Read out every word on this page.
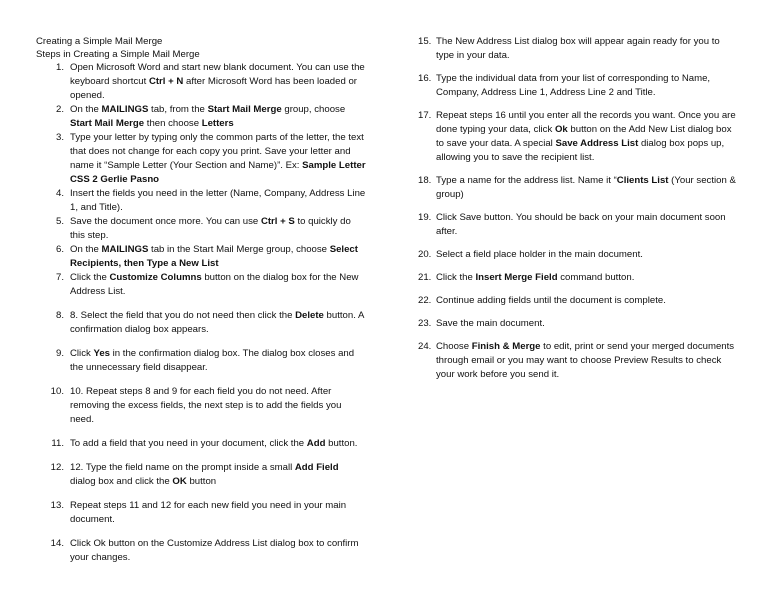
Creating a Simple Mail Merge

Steps in Creating a Simple Mail Merge

1. Open Microsoft Word and start new blank document. You can use the keyboard shortcut Ctrl + N after Microsoft Word has been loaded or opened.
2. On the MAILINGS tab, from the Start Mail Merge group, choose Start Mail Merge then choose Letters
3. Type your letter by typing only the common parts of the letter, the text that does not change for each copy you print. Save your letter and name it “Sample Letter (Your Section and Name)”. Ex: Sample Letter CSS 2 Gerlie Pasno
4. Insert the fields you need in the letter (Name, Company, Address Line 1, and Title).
5. Save the document once more. You can use Ctrl + S to quickly do this step.
6. On the MAILINGS tab in the Start Mail Merge group, choose Select Recipients, then Type a New List
7. Click the Customize Columns button on the dialog box for the New Address List.
8. 8. Select the field that you do not need then click the Delete button. A confirmation dialog box appears.
9. Click Yes in the confirmation dialog box. The dialog box closes and the unnecessary field disappear.
10. 10. Repeat steps 8 and 9 for each field you do not need. After removing the excess fields, the next step is to add the fields you need.
11. To add a field that you need in your document, click the Add button.
12. 12. Type the field name on the prompt inside a small Add Field dialog box and click the OK button
13. Repeat steps 11 and 12 for each new field you need in your main document.
14. Click Ok button on the Customize Address List dialog box to confirm your changes.
15. The New Address List dialog box will appear again ready for you to type in your data.
16. Type the individual data from your list of corresponding to Name, Company, Address Line 1, Address Line 2 and Title.
17. Repeat steps 16 until you enter all the records you want. Once you are done typing your data, click Ok button on the Add New List dialog box to save your data. A special Save Address List dialog box pops up, allowing you to save the recipient list.
18. Type a name for the address list. Name it “Clients List (Your section & group)
19. Click Save button. You should be back on your main document soon after.
20. Select a field place holder in the main document.
21. Click the Insert Merge Field command button.
22. Continue adding fields until the document is complete.
23. Save the main document.
24. Choose Finish & Merge to edit, print or send your merged documents through email or you may want to choose Preview Results to check your work before you send it.
